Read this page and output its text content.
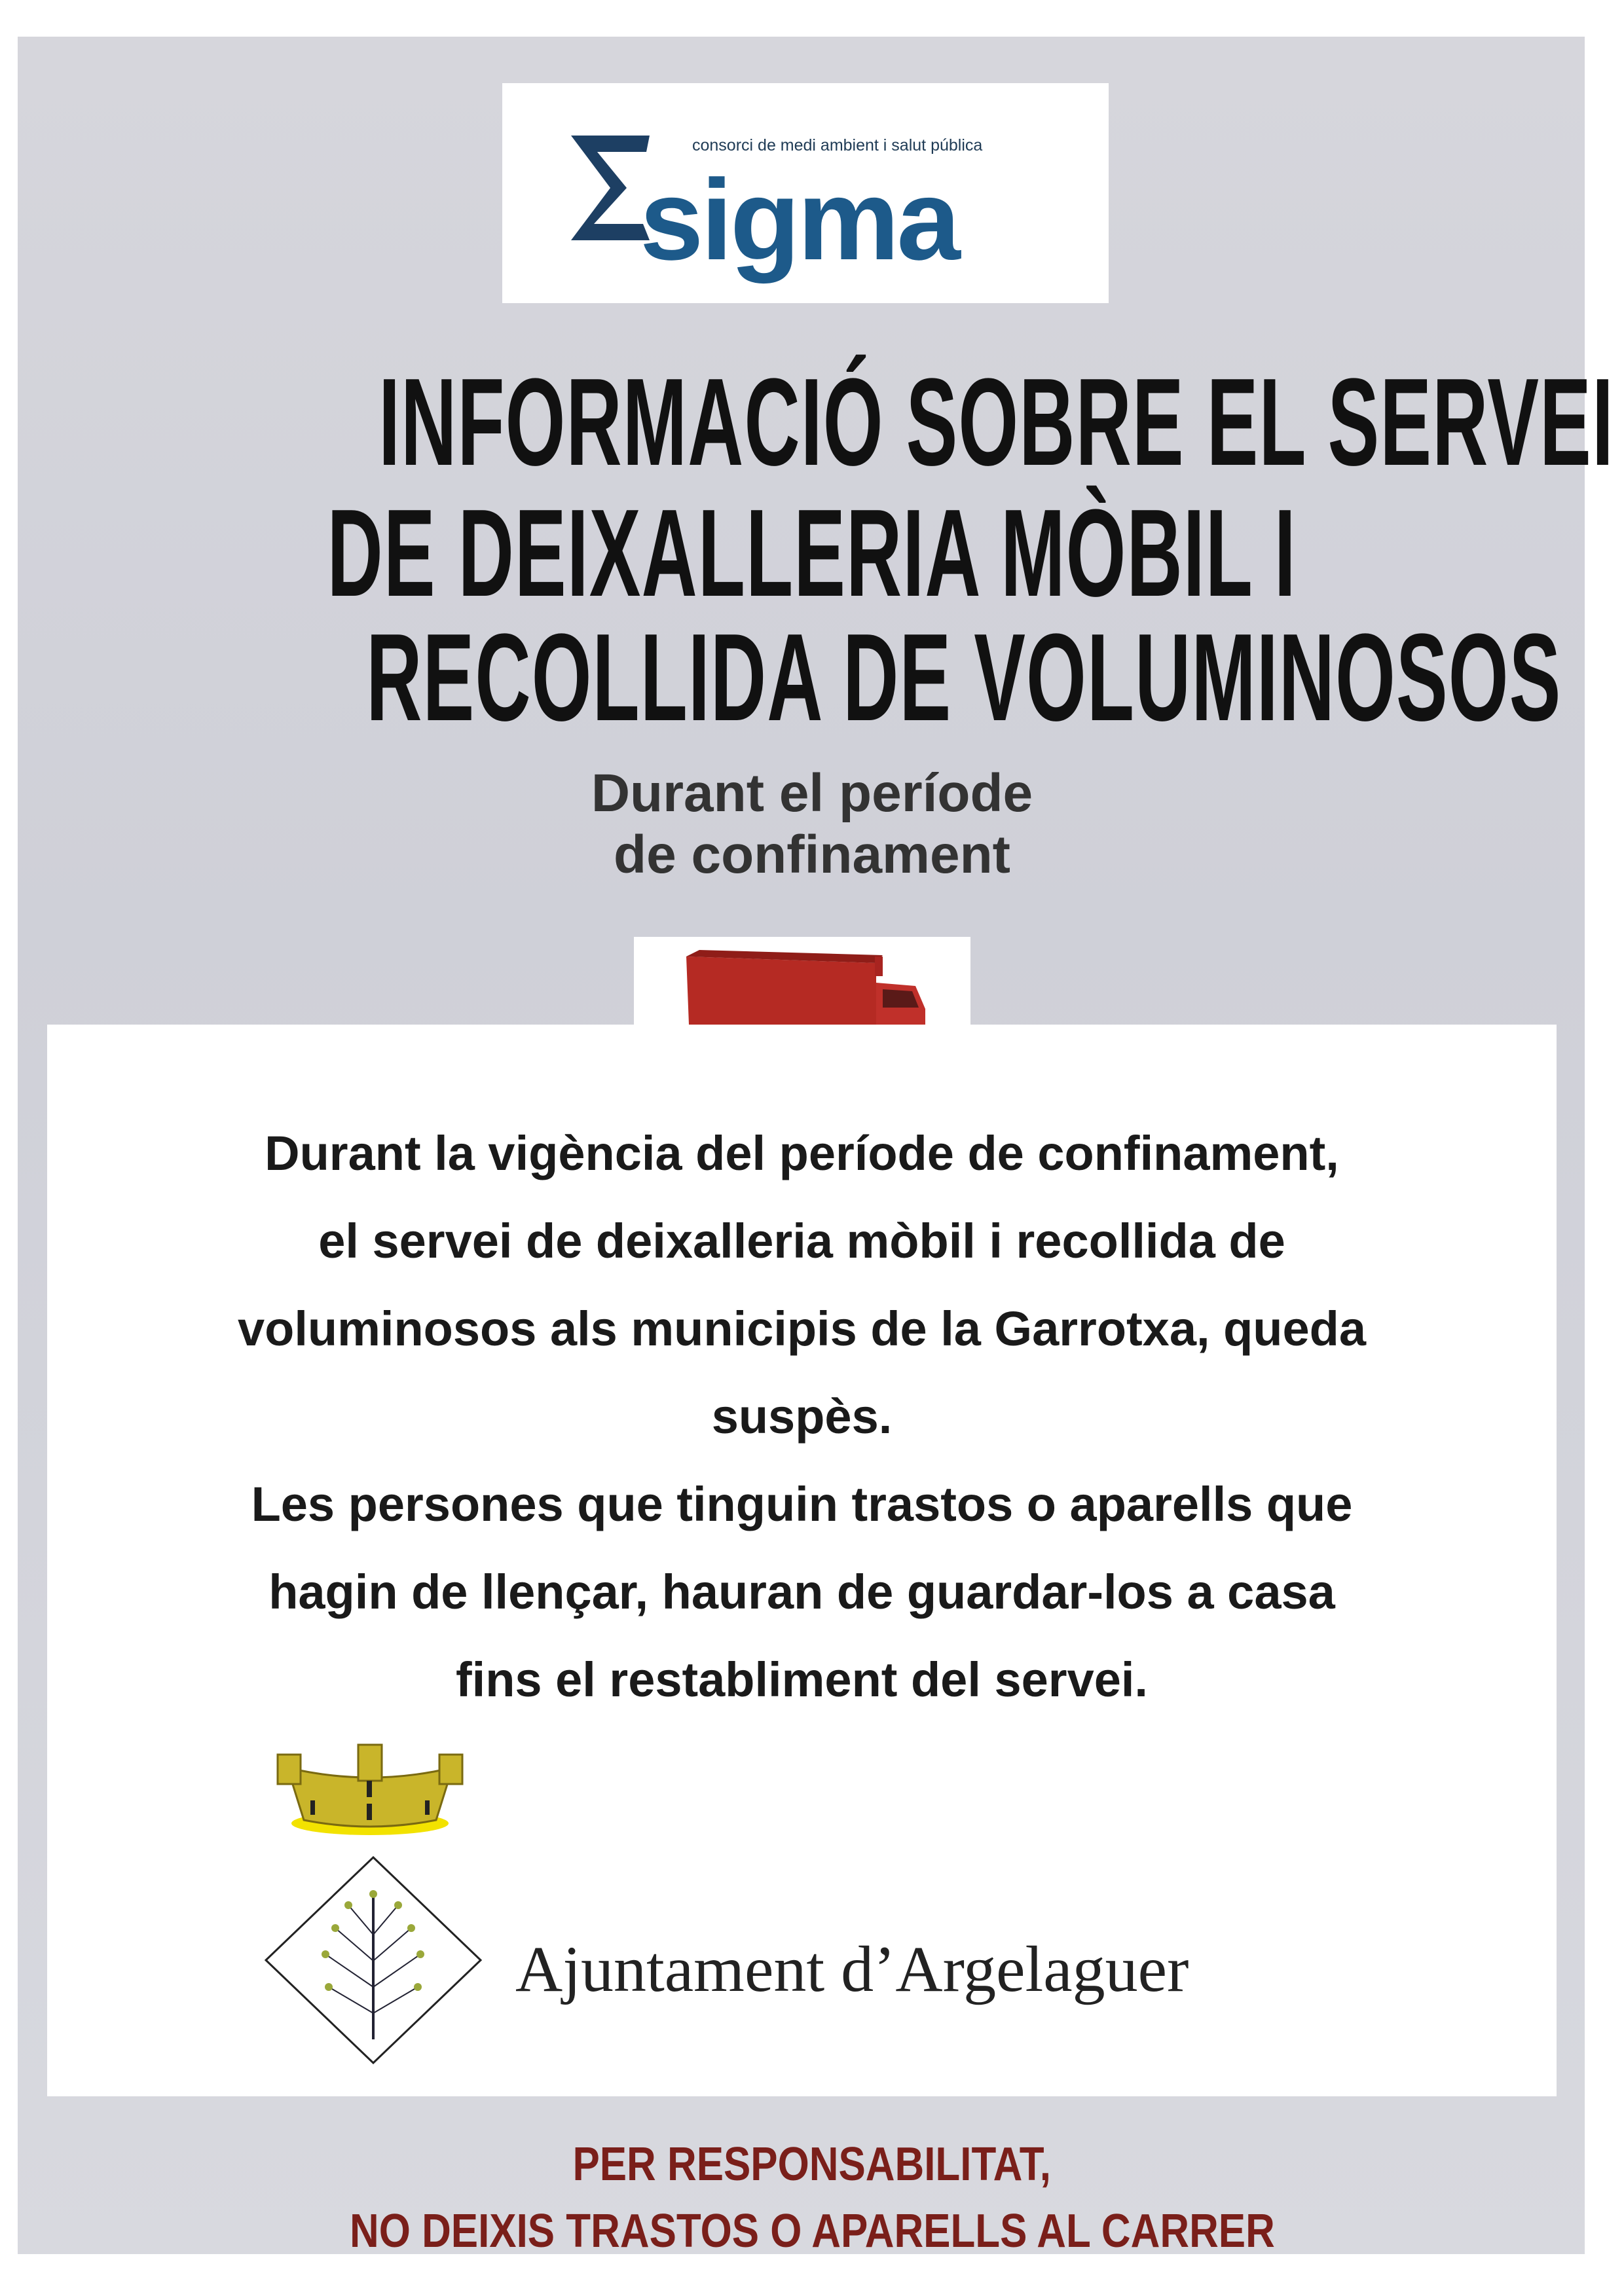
consorci de medi ambient i salut pública
sigma
INFORMACIÓ SOBRE EL SERVEI
DE DEIXALLERIA MÒBIL I
RECOLLIDA DE VOLUMINOSOS
Durant el període
de confinament
Durant la vigència del període de confinament,
el servei de deixalleria mòbil i recollida de
voluminosos als municipis de la Garrotxa, queda
suspès.
Les persones que tinguin trastos o aparells que
hagin de llençar, hauran de guardar-los a casa
fins el restabliment del servei.
Ajuntament d’Argelaguer
PER RESPONSABILITAT,
NO DEIXIS TRASTOS O APARELLS AL CARRER
